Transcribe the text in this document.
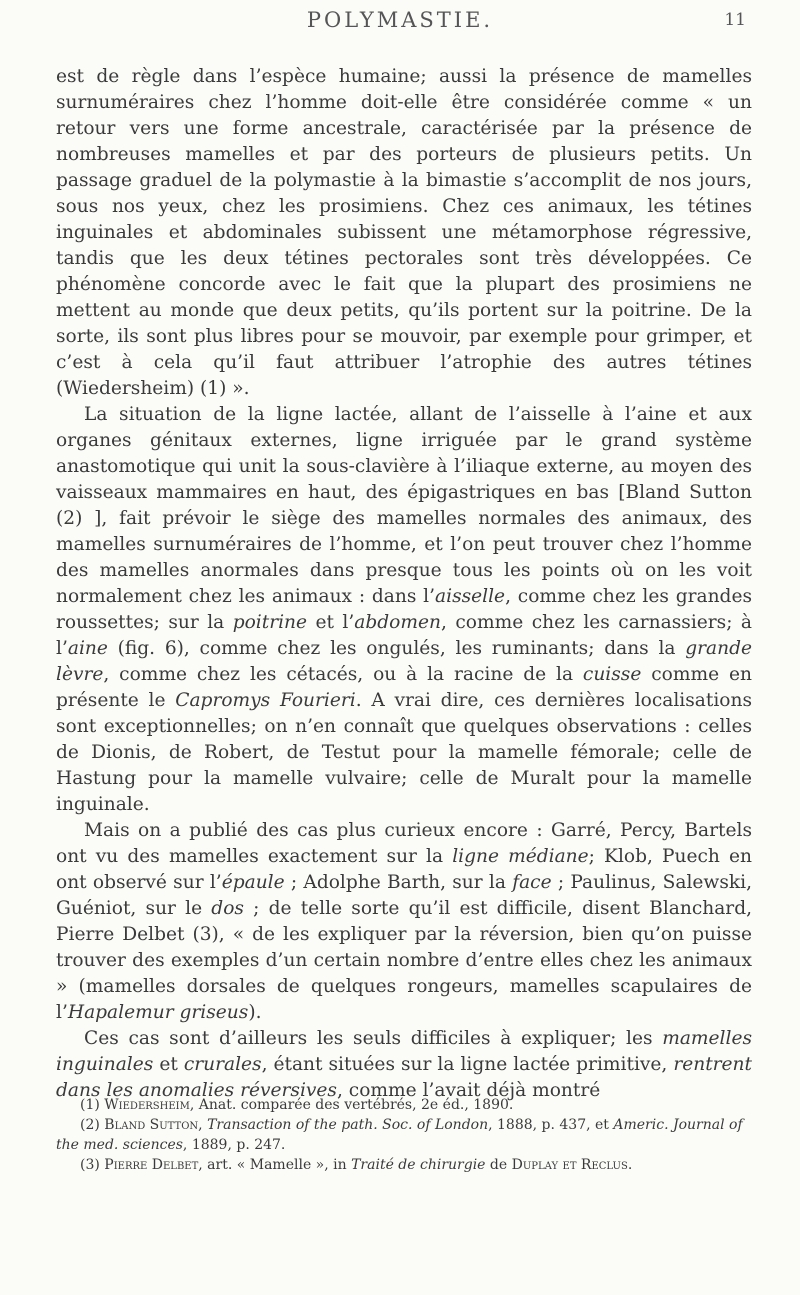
POLYMASTIE.	11

est de règle dans l’espèce humaine; aussi la présence de mamelles surnuméraires chez l’homme doit-elle être considérée comme « un retour vers une forme ancestrale, caractérisée par la présence de nombreuses mamelles et par des porteurs de plusieurs petits. Un passage graduel de la polymastie à la bimastie s’accomplit de nos jours, sous nos yeux, chez les prosimiens. Chez ces animaux, les tétines inguinales et abdominales subissent une métamorphose régressive, tandis que les deux tétines pectorales sont très développées. Ce phénomène concorde avec le fait que la plupart des prosimiens ne mettent au monde que deux petits, qu’ils portent sur la poitrine. De la sorte, ils sont plus libres pour se mouvoir, par exemple pour grimper, et c’est à cela qu’il faut attribuer l’atrophie des autres tétines (Wiedersheim) (1) ».

La situation de la ligne lactée, allant de l’aisselle à l’aine et aux organes génitaux externes, ligne irriguée par le grand système anastomotique qui unit la sous-clavière à l’iliaque externe, au moyen des vaisseaux mammaires en haut, des épigastriques en bas [Bland Sutton (2) ], fait prévoir le siège des mamelles normales des animaux, des mamelles surnuméraires de l’homme, et l’on peut trouver chez l’homme des mamelles anormales dans presque tous les points où on les voit normalement chez les animaux : dans l’aisselle, comme chez les grandes roussettes; sur la poitrine et l’abdomen, comme chez les carnassiers; à l’aine (fig. 6), comme chez les ongulés, les ruminants; dans la grande lèvre, comme chez les cétacés, ou à la racine de la cuisse comme en présente le Capromys Fourieri. A vrai dire, ces dernières localisations sont exceptionnelles; on n’en connaît que quelques observations : celles de Dionis, de Robert, de Testut pour la mamelle fémorale; celle de Hastung pour la mamelle vulvaire; celle de Muralt pour la mamelle inguinale.

Mais on a publié des cas plus curieux encore : Garré, Percy, Bartels ont vu des mamelles exactement sur la ligne médiane; Klob, Puech en ont observé sur l’épaule ; Adolphe Barth, sur la face ; Paulinus, Salewski, Guéniot, sur le dos ; de telle sorte qu’il est difficile, disent Blanchard, Pierre Delbet (3), « de les expliquer par la réversion, bien qu’on puisse trouver des exemples d’un certain nombre d’entre elles chez les animaux » (mamelles dorsales de quelques rongeurs, mamelles scapulaires de l’Hapalemur griseus).

Ces cas sont d’ailleurs les seuls difficiles à expliquer; les mamelles inguinales et crurales, étant situées sur la ligne lactée primitive, rentrent dans les anomalies réversives, comme l’avait déjà montré

(1) Wiedersheim, Anat. comparée des vertébrés, 2e éd., 1890.

(2) Bland Sutton, Transaction of the path. Soc. of London, 1888, p. 437, et Americ. Journal of the med. sciences, 1889, p. 247.

(3) Pierre Delbet, art. « Mamelle », in Traité de chirurgie de Duplay et Reclus.
